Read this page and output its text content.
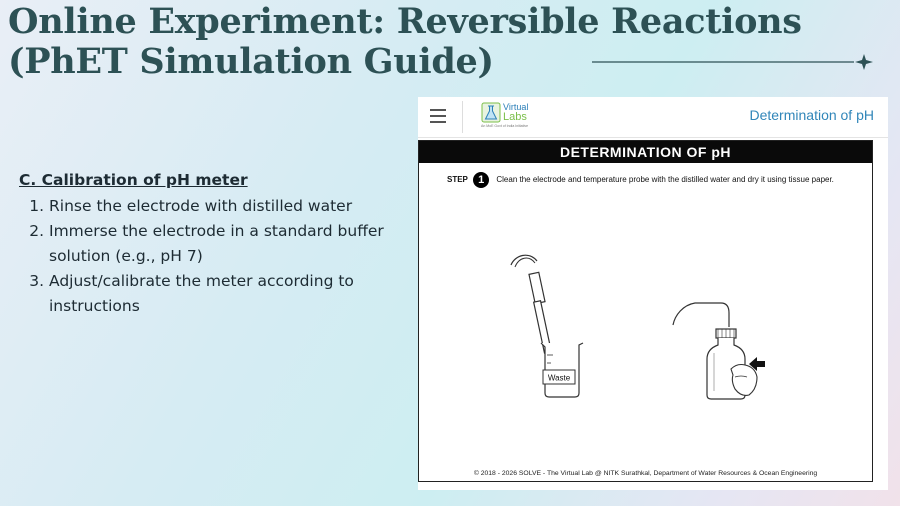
Online Experiment: Reversible Reactions (PhET Simulation Guide)
C. Calibration of pH meter
1. Rinse the electrode with distilled water
2. Immerse the electrode in a standard buffer solution (e.g., pH 7)
3. Adjust/calibrate the meter according to instructions
Virtual
Labs
An MoE Govt of India Initiative
Determination of pH
DETERMINATION OF pH
STEP 1 Clean the electrode and temperature probe with the distilled water and dry it using tissue paper.
Waste
© 2018 - 2026 SOLVE - The Virtual Lab @ NITK Surathkal, Department of Water Resources & Ocean Engineering
